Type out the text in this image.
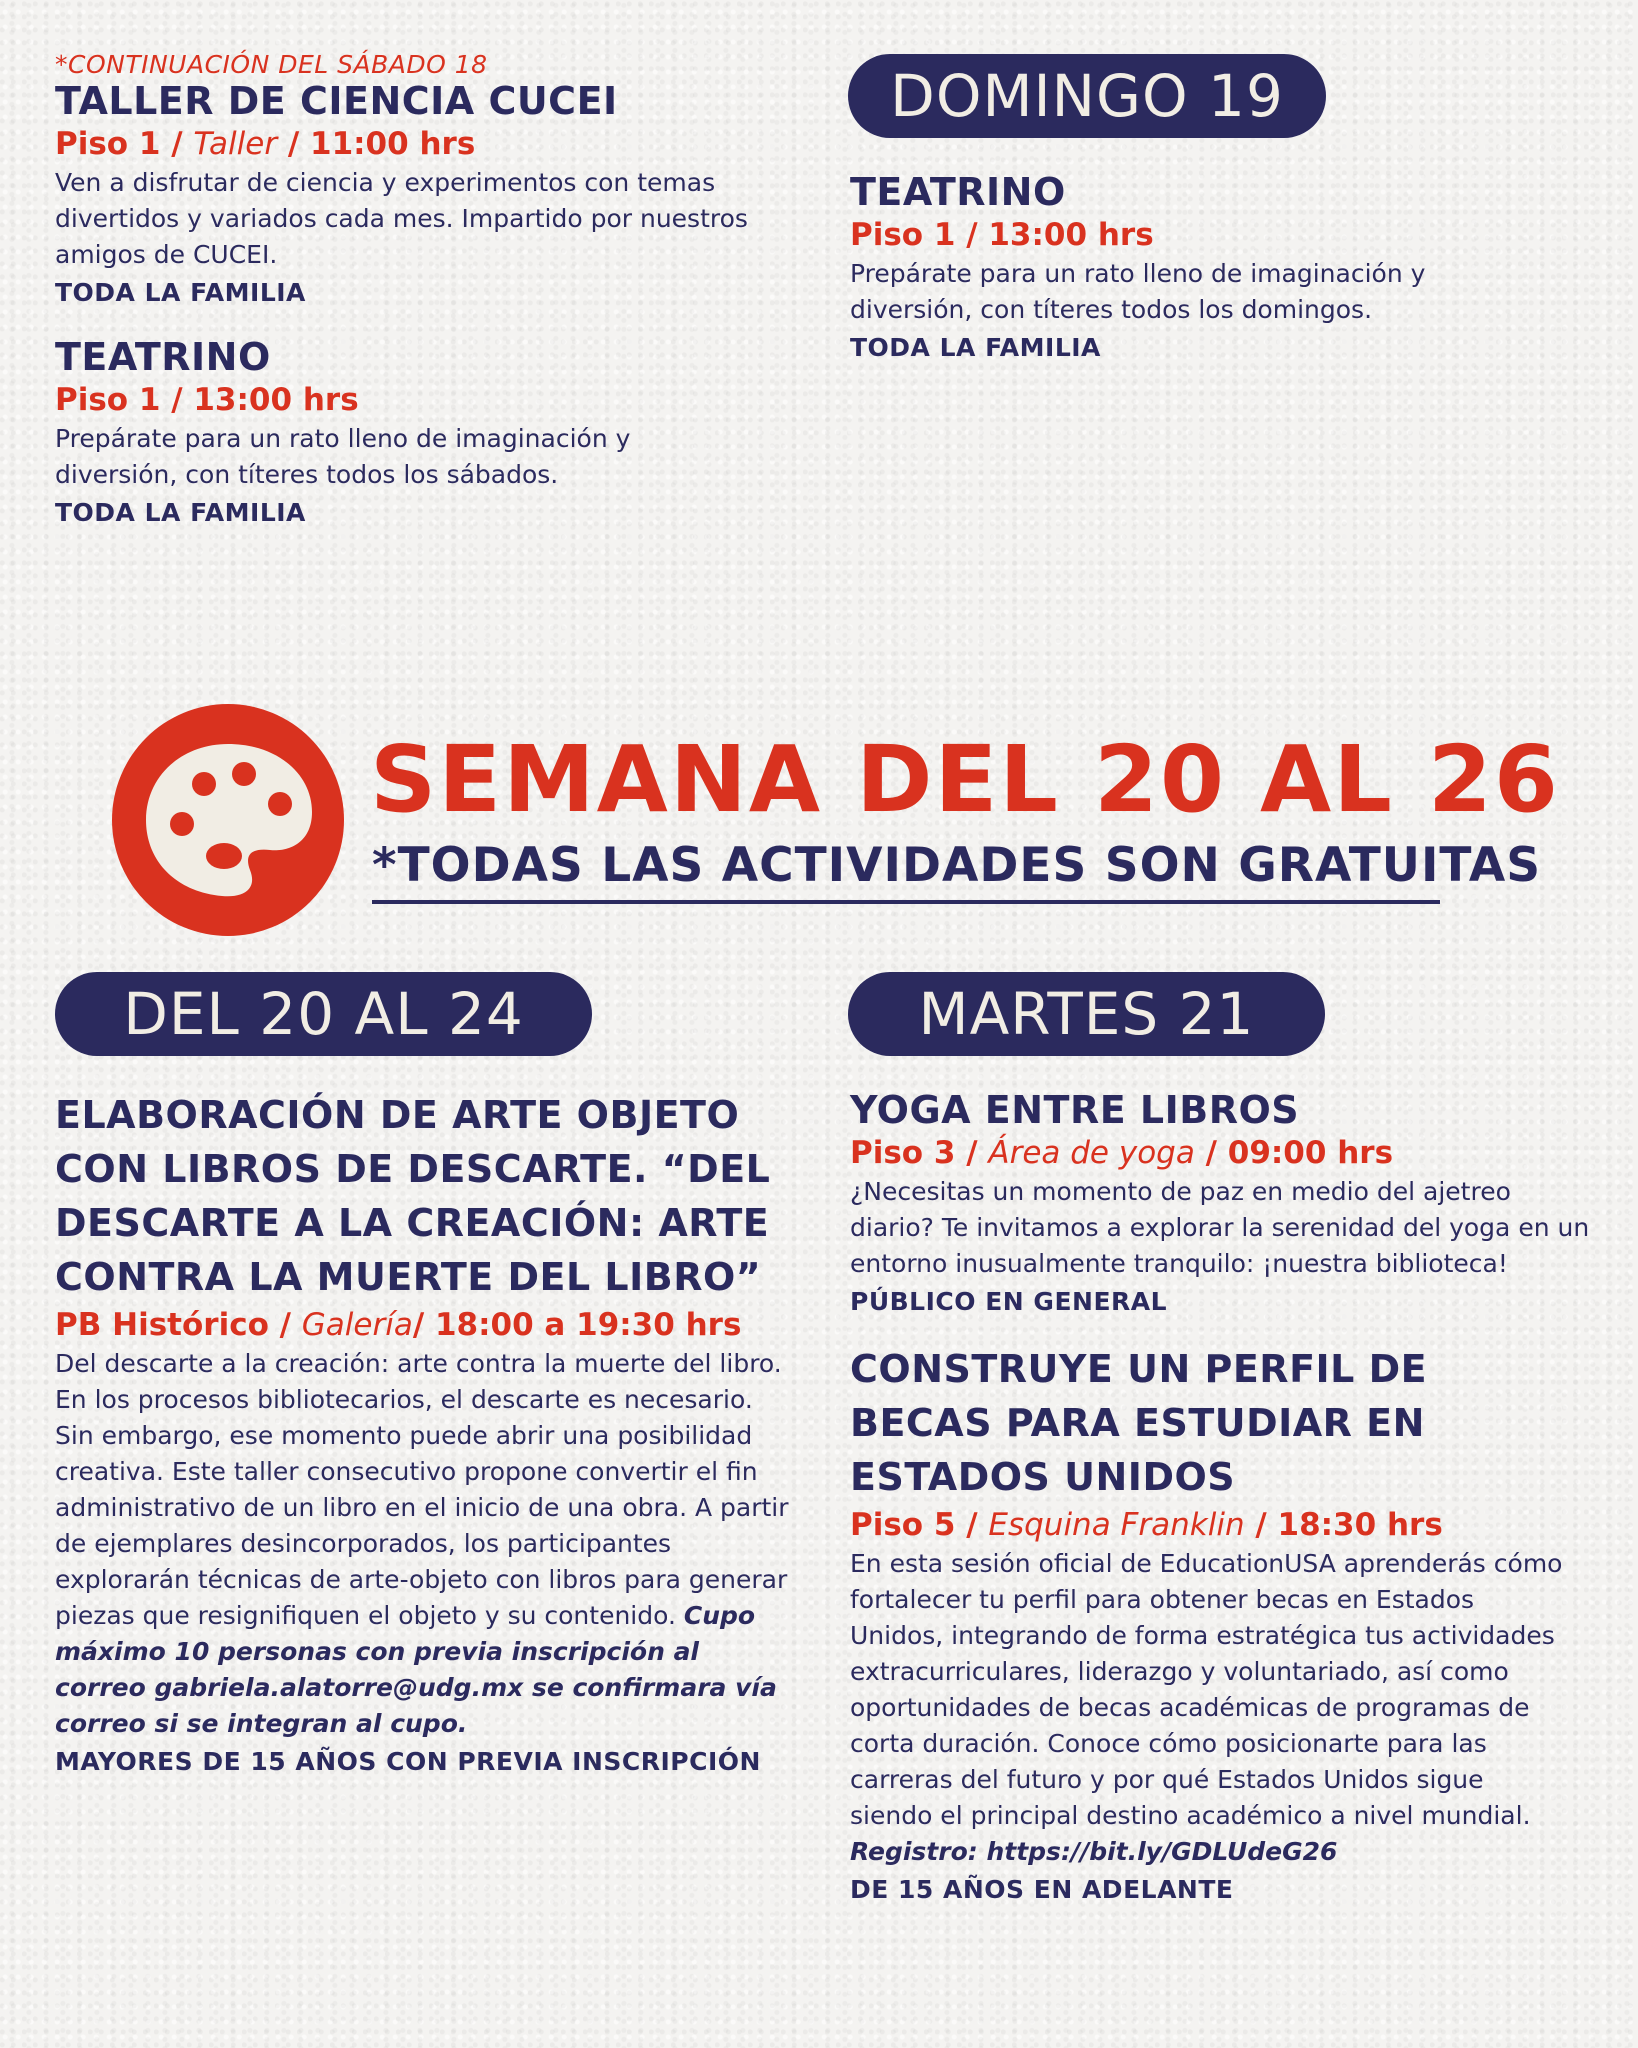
*CONTINUACIÓN DEL SÁBADO 18
TALLER DE CIENCIA CUCEI
Piso 1 / Taller / 11:00 hrs
Ven a disfrutar de ciencia y experimentos con temas divertidos y variados cada mes. Impartido por nuestros amigos de CUCEI.
TODA LA FAMILIA
TEATRINO
Piso 1 / 13:00 hrs
Prepárate para un rato lleno de imaginación y diversión, con títeres todos los sábados.
TODA LA FAMILIA
DOMINGO 19
TEATRINO
Piso 1 / 13:00 hrs
Prepárate para un rato lleno de imaginación y diversión, con títeres todos los domingos.
TODA LA FAMILIA
SEMANA DEL 20 AL 26
*TODAS LAS ACTIVIDADES SON GRATUITAS
DEL 20 AL 24
ELABORACIÓN DE ARTE OBJETO CON LIBROS DE DESCARTE. “DEL DESCARTE A LA CREACIÓN: ARTE CONTRA LA MUERTE DEL LIBRO”
PB Histórico / Galería/ 18:00 a 19:30 hrs
Del descarte a la creación: arte contra la muerte del libro. En los procesos bibliotecarios, el descarte es necesario. Sin embargo, ese momento puede abrir una posibilidad creativa. Este taller consecutivo propone convertir el fin administrativo de un libro en el inicio de una obra. A partir de ejemplares desincorporados, los participantes explorarán técnicas de arte-objeto con libros para generar piezas que resignifiquen el objeto y su contenido. Cupo máximo 10 personas con previa inscripción al correo gabriela.alatorre@udg.mx se confirmara vía correo si se integran al cupo.
MAYORES DE 15 AÑOS CON PREVIA INSCRIPCIÓN
MARTES 21
YOGA ENTRE LIBROS
Piso 3 / Área de yoga / 09:00 hrs
¿Necesitas un momento de paz en medio del ajetreo diario? Te invitamos a explorar la serenidad del yoga en un entorno inusualmente tranquilo: ¡nuestra biblioteca!
PÚBLICO EN GENERAL
CONSTRUYE UN PERFIL DE BECAS PARA ESTUDIAR EN ESTADOS UNIDOS
Piso 5 / Esquina Franklin / 18:30 hrs
En esta sesión oficial de EducationUSA aprenderás cómo fortalecer tu perfil para obtener becas en Estados Unidos, integrando de forma estratégica tus actividades extracurriculares, liderazgo y voluntariado, así como oportunidades de becas académicas de programas de corta duración. Conoce cómo posicionarte para las carreras del futuro y por qué Estados Unidos sigue siendo el principal destino académico a nivel mundial.
Registro: https://bit.ly/GDLUdeG26
DE 15 AÑOS EN ADELANTE
